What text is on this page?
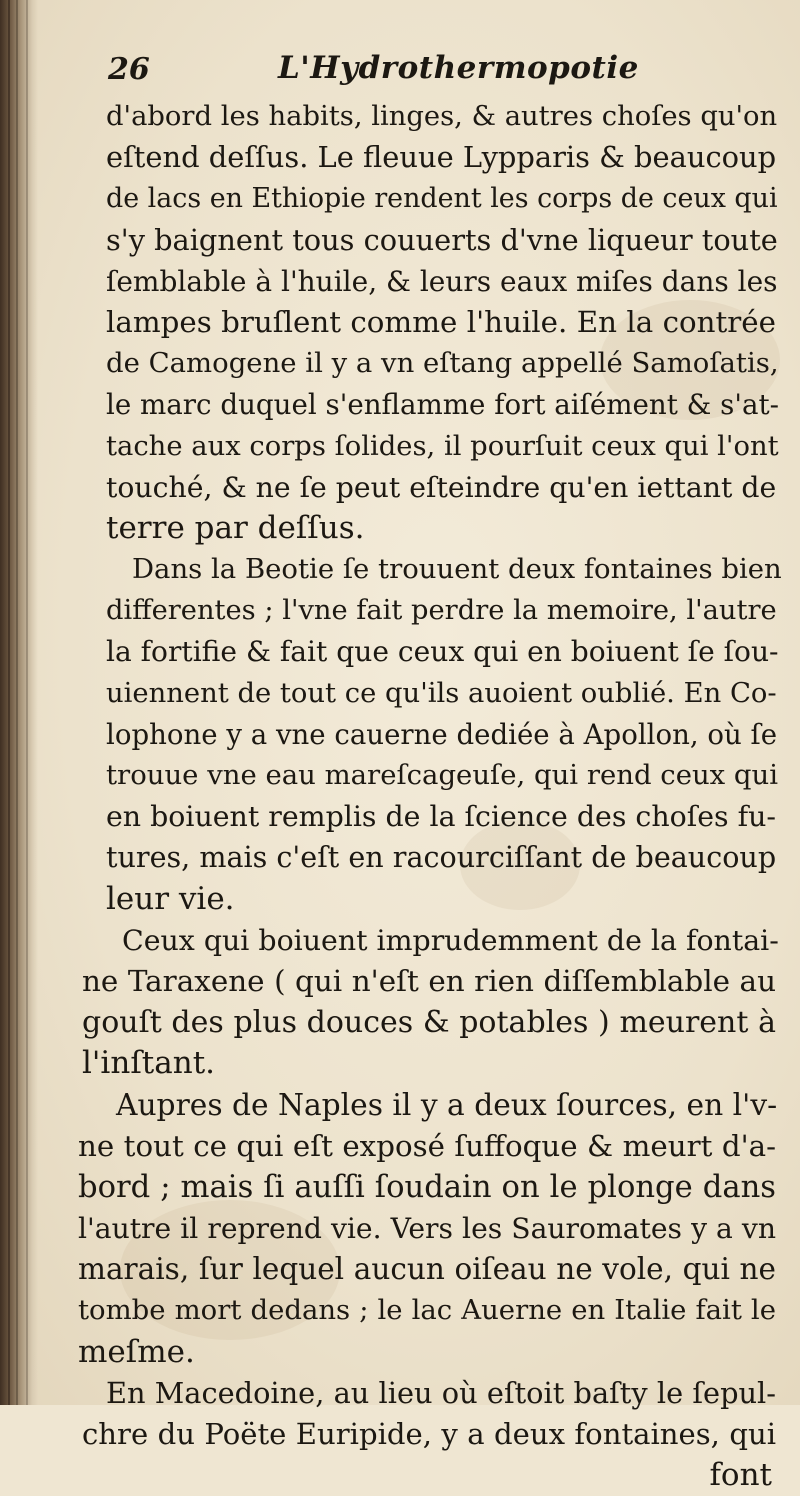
26	L'Hydrothermopotie
d'abord les habits, linges, & autres choſes qu'on
eſtend deſſus. Le fleuue Lypparis & beaucoup
de lacs en Ethiopie rendent les corps de ceux qui
s'y baignent tous couuerts d'vne liqueur toute
ſemblable à l'huile, & leurs eaux miſes dans les
lampes bruſlent comme l'huile. En la contrée
de Camogene il y a vn eſtang appellé Samoſatis,
le marc duquel s'enflamme fort aiſément & s'at-
tache aux corps ſolides, il pourſuit ceux qui l'ont
touché, & ne ſe peut eſteindre qu'en iettant de
terre par deſſus.
Dans la Beotie ſe trouuent deux fontaines bien
differentes ; l'vne fait perdre la memoire, l'autre
la fortifie & fait que ceux qui en boiuent ſe ſou-
uiennent de tout ce qu'ils auoient oublié. En Co-
lophone y a vne cauerne dediée à Apollon, où ſe
trouue vne eau mareſcageuſe, qui rend ceux qui
en boiuent remplis de la ſcience des choſes fu-
tures, mais c'eſt en racourciſſant de beaucoup
leur vie.
Ceux qui boiuent imprudemment de la fontai-
ne Taraxene ( qui n'eſt en rien diſſemblable au
gouſt des plus douces & potables ) meurent à
l'inſtant.
Aupres de Naples il y a deux ſources, en l'v-
ne tout ce qui eſt exposé ſuffoque & meurt d'a-
bord ; mais ſi auſſi ſoudain on le plonge dans
l'autre il reprend vie. Vers les Sauromates y a vn
marais, ſur lequel aucun oiſeau ne vole, qui ne
tombe mort dedans ; le lac Auerne en Italie fait le
meſme.
En Macedoine, au lieu où eſtoit baſty le ſepul-
chre du Poëte Euripide, y a deux fontaines, qui
font
